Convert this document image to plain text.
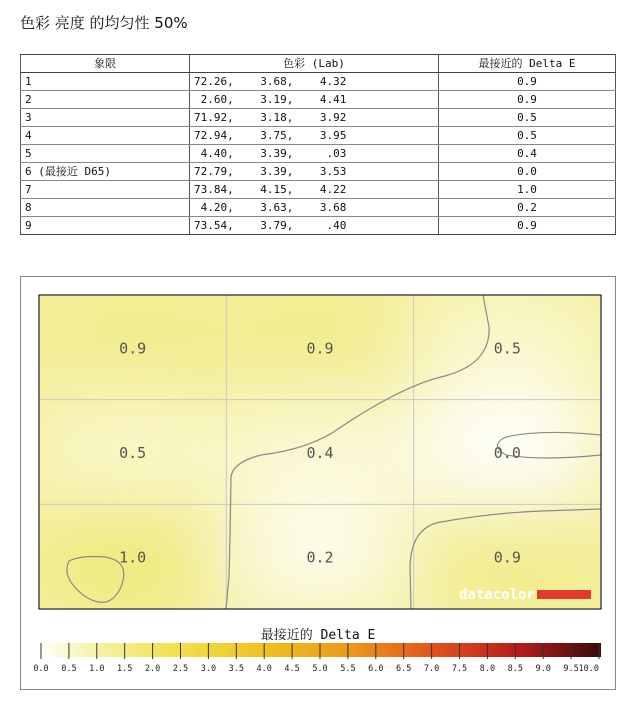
色彩 亮度 的均匀性 50%
象限	色彩 (Lab)	最接近的 Delta E
1	72.26,    3.68,    4.32	0.9
2	2.60,    3.19,    4.41	0.9
3	71.92,    3.18,    3.92	0.5
4	72.94,    3.75,    3.95	0.5
5	4.40,    3.39,     .03	0.4
6 (最接近 D65)	72.79,    3.39,    3.53	0.0
7	73.84,    4.15,    4.22	1.0
8	4.20,    3.63,    3.68	0.2
9	73.54,    3.79,     .40	0.9
0.9	0.9	0.5
0.5	0.4	0.0
1.0	0.2	0.9
datacolor
最接近的 Delta E
0.0 0.5 1.0 1.5 2.0 2.5 3.0 3.5 4.0 4.5 5.0 5.5 6.0 6.5 7.0 7.5 8.0 8.5 9.0 9.5 10.0
